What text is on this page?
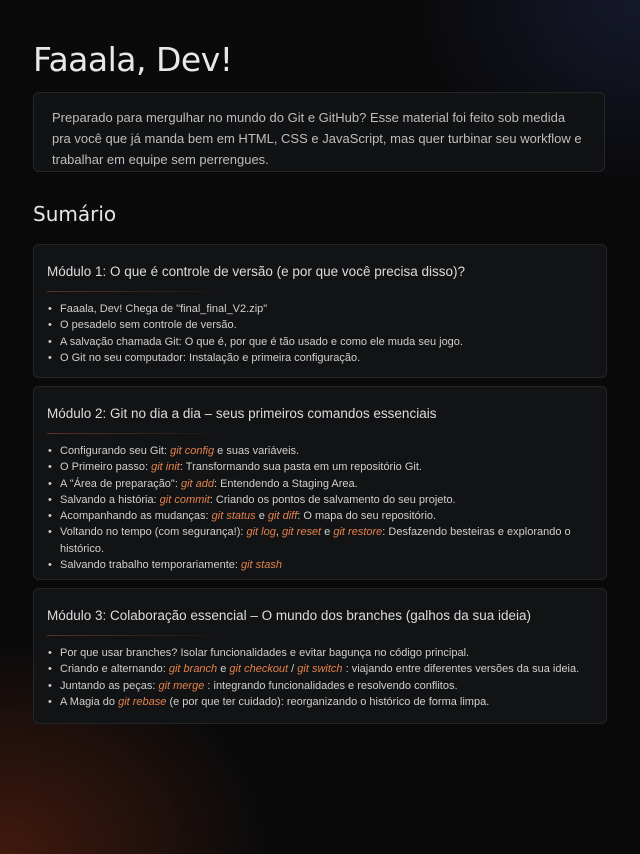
Faaala, Dev!
Preparado para mergulhar no mundo do Git e GitHub? Esse material foi feito sob medida pra você que já manda bem em HTML, CSS e JavaScript, mas quer turbinar seu workflow e trabalhar em equipe sem perrengues.
Sumário
Módulo 1: O que é controle de versão (e por que você precisa disso)?
• Faaala, Dev! Chega de "final_final_V2.zip"
• O pesadelo sem controle de versão.
• A salvação chamada Git: O que é, por que é tão usado e como ele muda seu jogo.
• O Git no seu computador: Instalação e primeira configuração.
Módulo 2: Git no dia a dia – seus primeiros comandos essenciais
• Configurando seu Git: git config e suas variáveis.
• O Primeiro passo: git init: Transformando sua pasta em um repositório Git.
• A "Área de preparação": git add: Entendendo a Staging Area.
• Salvando a história: git commit: Criando os pontos de salvamento do seu projeto.
• Acompanhando as mudanças: git status e git diff: O mapa do seu repositório.
• Voltando no tempo (com segurança!): git log, git reset e git restore: Desfazendo besteiras e explorando o histórico.
• Salvando trabalho temporariamente: git stash
Módulo 3: Colaboração essencial – O mundo dos branches (galhos da sua ideia)
• Por que usar branches? Isolar funcionalidades e evitar bagunça no código principal.
• Criando e alternando: git branch e git checkout / git switch : viajando entre diferentes versões da sua ideia.
• Juntando as peças: git merge : integrando funcionalidades e resolvendo conflitos.
• A Magia do git rebase (e por que ter cuidado): reorganizando o histórico de forma limpa.
